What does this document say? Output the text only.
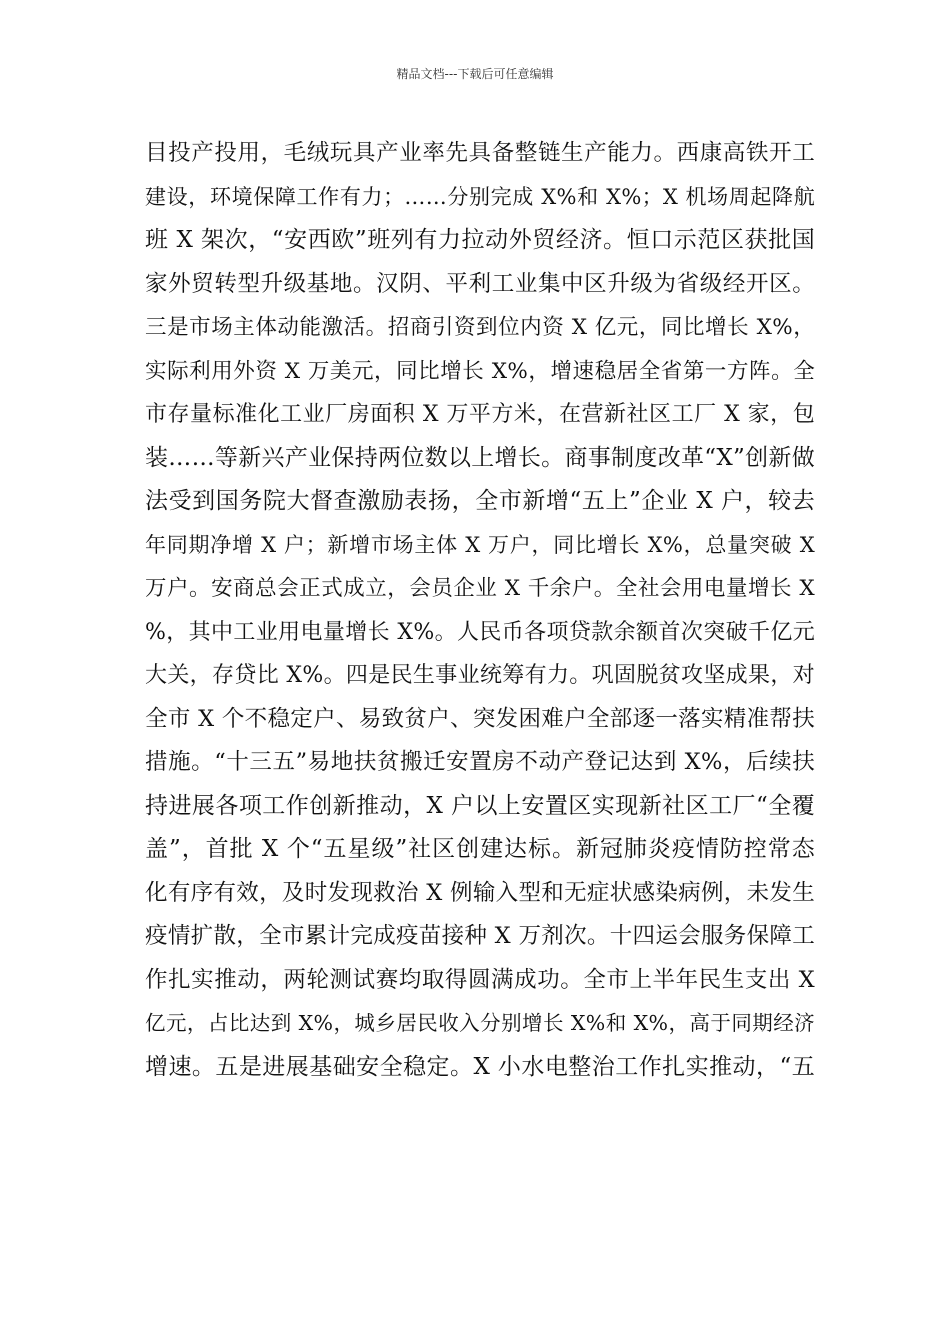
精品文档---下载后可任意编辑
目投产投用，毛绒玩具产业率先具备整链生产能力。西康高铁开工
建设，环境保障工作有力；……分别完成 X%和 X%；X 机场周起降航
班 X 架次，“安西欧”班列有力拉动外贸经济。恒口示范区获批国
家外贸转型升级基地。汉阴、平利工业集中区升级为省级经开区。
三是市场主体动能激活。招商引资到位内资 X 亿元，同比增长 X%，
实际利用外资 X 万美元，同比增长 X%，增速稳居全省第一方阵。全
市存量标准化工业厂房面积 X 万平方米，在营新社区工厂 X 家，包
装……等新兴产业保持两位数以上增长。商事制度改革“X”创新做
法受到国务院大督查激励表扬，全市新增“五上”企业 X 户，较去
年同期净增 X 户；新增市场主体 X 万户，同比增长 X%，总量突破 X
万户。安商总会正式成立，会员企业 X 千余户。全社会用电量增长 X
%，其中工业用电量增长 X%。人民币各项贷款余额首次突破千亿元
大关，存贷比 X%。四是民生事业统筹有力。巩固脱贫攻坚成果，对
全市 X 个不稳定户、易致贫户、突发困难户全部逐一落实精准帮扶
措施。“十三五”易地扶贫搬迁安置房不动产登记达到 X%，后续扶
持进展各项工作创新推动，X 户以上安置区实现新社区工厂“全覆
盖”，首批 X 个“五星级”社区创建达标。新冠肺炎疫情防控常态
化有序有效，及时发现救治 X 例输入型和无症状感染病例，未发生
疫情扩散，全市累计完成疫苗接种 X 万剂次。十四运会服务保障工
作扎实推动，两轮测试赛均取得圆满成功。全市上半年民生支出 X
亿元，占比达到 X%，城乡居民收入分别增长 X%和 X%，高于同期经济
增速。五是进展基础安全稳定。X 小水电整治工作扎实推动，“五
